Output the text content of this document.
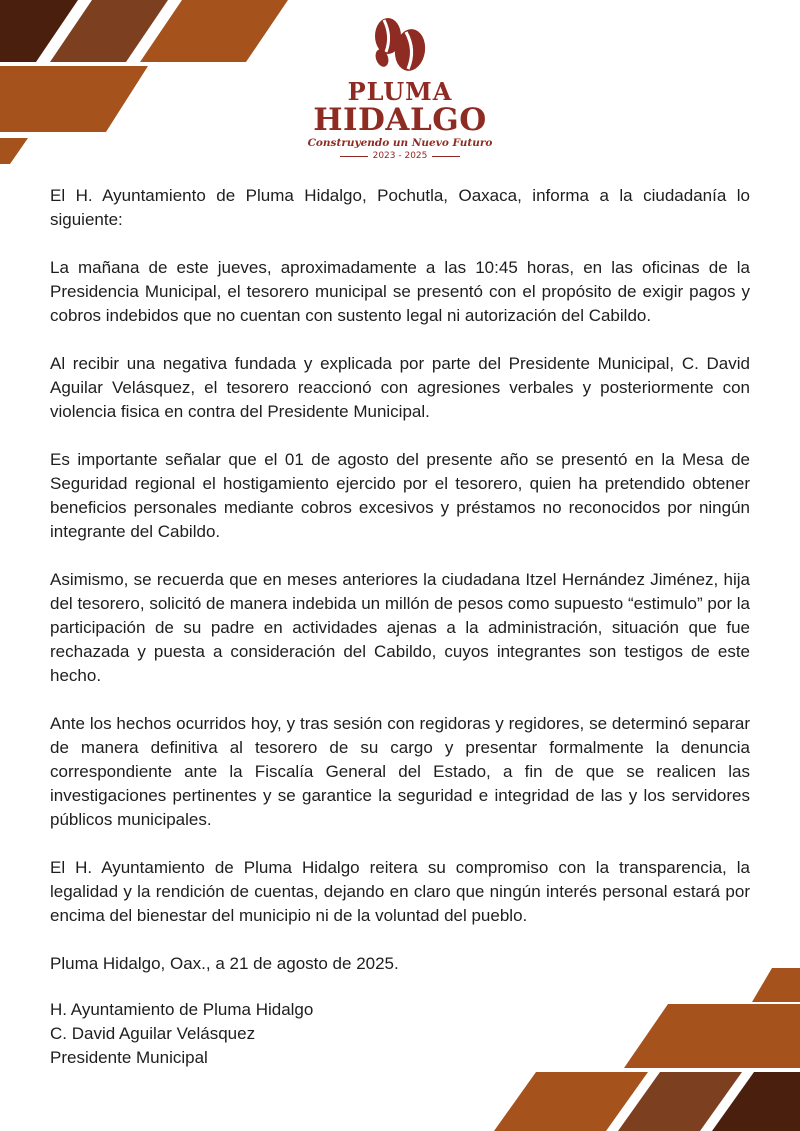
PLUMA
HIDALGO
Construyendo un Nuevo Futuro
2023 - 2025

El H. Ayuntamiento de Pluma Hidalgo, Pochutla, Oaxaca, informa a la ciudadanía lo siguiente:

La mañana de este jueves, aproximadamente a las 10:45 horas, en las oficinas de la Presidencia Municipal, el tesorero municipal se presentó con el propósito de exigir pagos y cobros indebidos que no cuentan con sustento legal ni autorización del Cabildo.

Al recibir una negativa fundada y explicada por parte del Presidente Municipal, C. David Aguilar Velásquez, el tesorero reaccionó con agresiones verbales y posteriormente con violencia fisica en contra del Presidente Municipal.

Es importante señalar que el 01 de agosto del presente año se presentó en la Mesa de Seguridad regional el hostigamiento ejercido por el tesorero, quien ha pretendido obtener beneficios personales mediante cobros excesivos y préstamos no reconocidos por ningún integrante del Cabildo.

Asimismo, se recuerda que en meses anteriores la ciudadana Itzel Hernández Jiménez, hija del tesorero, solicitó de manera indebida un millón de pesos como supuesto “estimulo” por la participación de su padre en actividades ajenas a la administración, situación que fue rechazada y puesta a consideración del Cabildo, cuyos integrantes son testigos de este hecho.

Ante los hechos ocurridos hoy, y tras sesión con regidoras y regidores, se determinó separar de manera definitiva al tesorero de su cargo y presentar formalmente la denuncia correspondiente ante la Fiscalía General del Estado, a fin de que se realicen las investigaciones pertinentes y se garantice la seguridad e integridad de las y los servidores públicos municipales.

El H. Ayuntamiento de Pluma Hidalgo reitera su compromiso con la transparencia, la legalidad y la rendición de cuentas, dejando en claro que ningún interés personal estará por encima del bienestar del municipio ni de la voluntad del pueblo.

Pluma Hidalgo, Oax., a 21 de agosto de 2025.

H. Ayuntamiento de Pluma Hidalgo
C. David Aguilar Velásquez
Presidente Municipal
